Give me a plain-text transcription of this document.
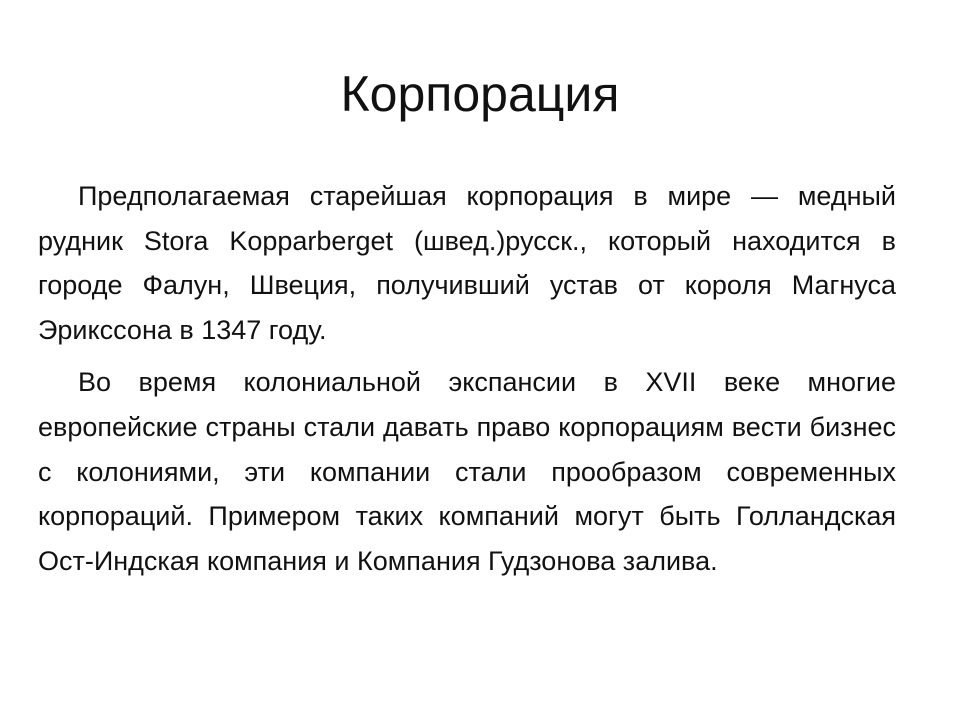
Корпорация

Предполагаемая старейшая корпорация в мире — медный рудник Stora Kopparberget (швед.)русск., который находится в городе Фалун, Швеция, получивший устав от короля Магнуса Эрикссона в 1347 году.

Во время колониальной экспансии в XVII веке многие европейские страны стали давать право корпорациям вести бизнес с колониями, эти компании стали прообразом современных корпораций. Примером таких компаний могут быть Голландская Ост-Индская компания и Компания Гудзонова залива.
